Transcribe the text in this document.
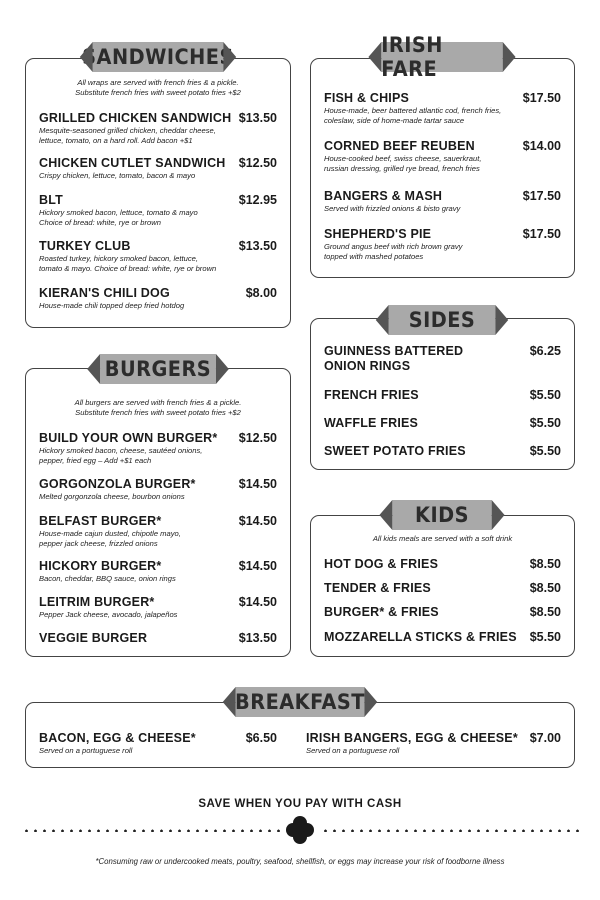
All wraps are served with french fries & a pickle.
Substitute french fries with sweet potato fries +$2
GRILLED CHICKEN SANDWICH $13.50
Mesquite-seasoned grilled chicken, cheddar cheese,
lettuce, tomato, on a hard roll. Add bacon +$1
CHICKEN CUTLET SANDWICH	$12.50
Crispy chicken, lettuce, tomato, bacon & mayo
BLT	$12.95
Hickory smoked bacon, lettuce, tomato & mayo
Choice of bread: white, rye or brown
TURKEY CLUB	$13.50
Roasted turkey, hickory smoked bacon, lettuce,
tomato & mayo. Choice of bread: white, rye or brown
KIERAN'S CHILI DOG	$8.00
House-made chili topped deep fried hotdog
SANDWICHES
All burgers are served with french fries & a pickle.
Substitute french fries with sweet potato fries +$2
BUILD YOUR OWN BURGER*	$12.50
Hickory smoked bacon, cheese, sautéed onions,
pepper, fried egg – Add +$1 each
GORGONZOLA BURGER*	$14.50
Melted gorgonzola cheese, bourbon onions
BELFAST BURGER*	$14.50
House-made cajun dusted, chipotle mayo,
pepper jack cheese, frizzled onions
HICKORY BURGER*	$14.50
Bacon, cheddar, BBQ sauce, onion rings
LEITRIM BURGER*	$14.50
Pepper Jack cheese, avocado, jalapeños
VEGGIE BURGER	$13.50
BURGERS
FISH & CHIPS	$17.50
House-made, beer battered atlantic cod, french fries,
coleslaw, side of home-made tartar sauce
CORNED BEEF REUBEN	$14.00
House-cooked beef, swiss cheese, sauerkraut,
russian dressing, grilled rye bread, french fries
BANGERS & MASH	$17.50
Served with frizzled onions & bisto gravy
SHEPHERD'S PIE	$17.50
Ground angus beef with rich brown gravy
topped with mashed potatoes
IRISH FARE
GUINNESS BATTERED
ONION RINGS
$6.25
FRENCH FRIES	$5.50
WAFFLE FRIES	$5.50
SWEET POTATO FRIES	$5.50
SIDES
All kids meals are served with a soft drink
HOT DOG & FRIES	$8.50
TENDER & FRIES	$8.50
BURGER* & FRIES	$8.50
MOZZARELLA STICKS & FRIES	$5.50
KIDS
BACON, EGG & CHEESE*	$6.50
Served on a portuguese roll
IRISH BANGERS, EGG & CHEESE* $7.00
Served on a portuguese roll
BREAKFAST
SAVE WHEN YOU PAY WITH CASH
*Consuming raw or undercooked meats, poultry, seafood, shellfish, or eggs may increase your risk of foodborne illness
